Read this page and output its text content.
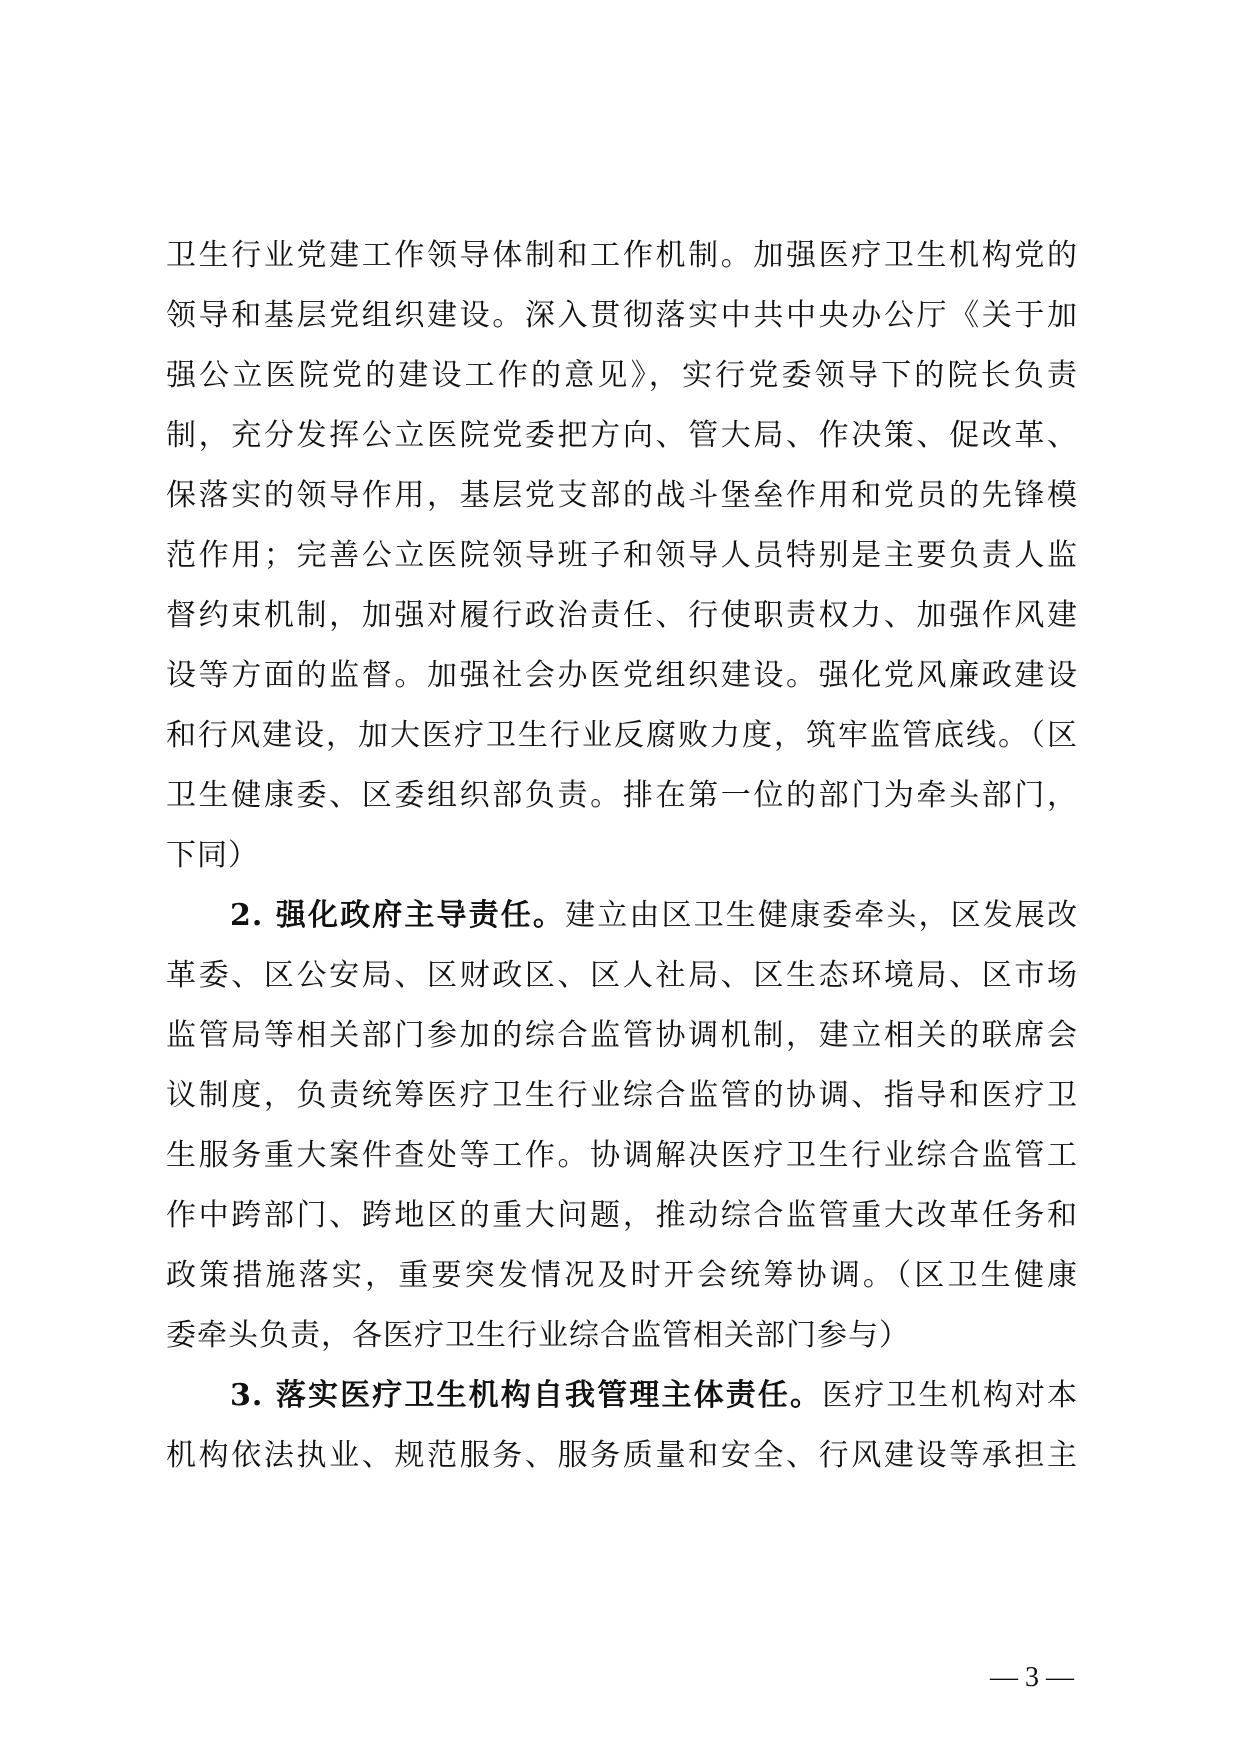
卫生行业党建工作领导体制和工作机制。加强医疗卫生机构党的
领导和基层党组织建设。深入贯彻落实中共中央办公厅《关于加
强公立医院党的建设工作的意见》，实行党委领导下的院长负责
制，充分发挥公立医院党委把方向、管大局、作决策、促改革、
保落实的领导作用，基层党支部的战斗堡垒作用和党员的先锋模
范作用；完善公立医院领导班子和领导人员特别是主要负责人监
督约束机制，加强对履行政治责任、行使职责权力、加强作风建
设等方面的监督。加强社会办医党组织建设。强化党风廉政建设
和行风建设，加大医疗卫生行业反腐败力度，筑牢监管底线。（区
卫生健康委、区委组织部负责。排在第一位的部门为牵头部门，
下同）
2. 强化政府主导责任。建立由区卫生健康委牵头，区发展改
革委、区公安局、区财政区、区人社局、区生态环境局、区市场
监管局等相关部门参加的综合监管协调机制，建立相关的联席会
议制度，负责统筹医疗卫生行业综合监管的协调、指导和医疗卫
生服务重大案件查处等工作。协调解决医疗卫生行业综合监管工
作中跨部门、跨地区的重大问题，推动综合监管重大改革任务和
政策措施落实，重要突发情况及时开会统筹协调。（区卫生健康
委牵头负责，各医疗卫生行业综合监管相关部门参与）
3. 落实医疗卫生机构自我管理主体责任。医疗卫生机构对本
机构依法执业、规范服务、服务质量和安全、行风建设等承担主
— 3 —
